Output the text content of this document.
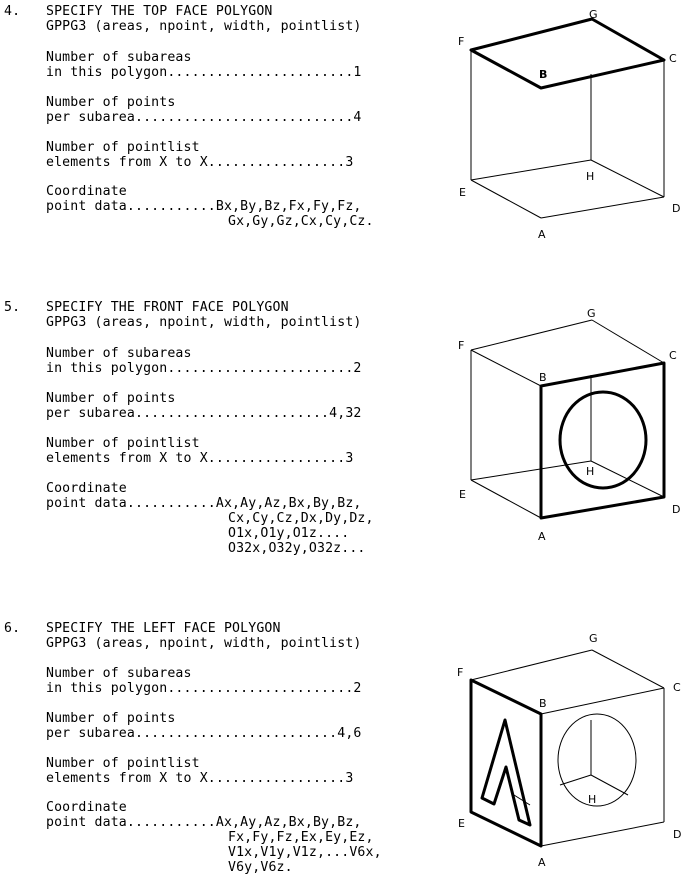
4. SPECIFY THE TOP FACE POLYGON
GPPG3 (areas, npoint, width, pointlist)
Number of subareas
in this polygon.......................1
Number of points
per subarea...........................4
Number of pointlist
elements from X to X.................3
Coordinate
point data...........Bx,By,Bz,Fx,Fy,Fz,
Gx,Gy,Gz,Cx,Cy,Cz.
G
F
C
B
H
E
D
A
5. SPECIFY THE FRONT FACE POLYGON
GPPG3 (areas, npoint, width, pointlist)
Number of subareas
in this polygon.......................2
Number of points
per subarea........................4,32
Number of pointlist
elements from X to X.................3
Coordinate
point data...........Ax,Ay,Az,Bx,By,Bz,
Cx,Cy,Cz,Dx,Dy,Dz,
O1x,O1y,O1z....
O32x,O32y,O32z...
G
F
C
B
H
E
D
A
6. SPECIFY THE LEFT FACE POLYGON
GPPG3 (areas, npoint, width, pointlist)
Number of subareas
in this polygon.......................2
Number of points
per subarea.........................4,6
Number of pointlist
elements from X to X.................3
Coordinate
point data...........Ax,Ay,Az,Bx,By,Bz,
Fx,Fy,Fz,Ex,Ey,Ez,
V1x,V1y,V1z,...V6x,
V6y,V6z.
G
F
C
B
H
E
D
A
